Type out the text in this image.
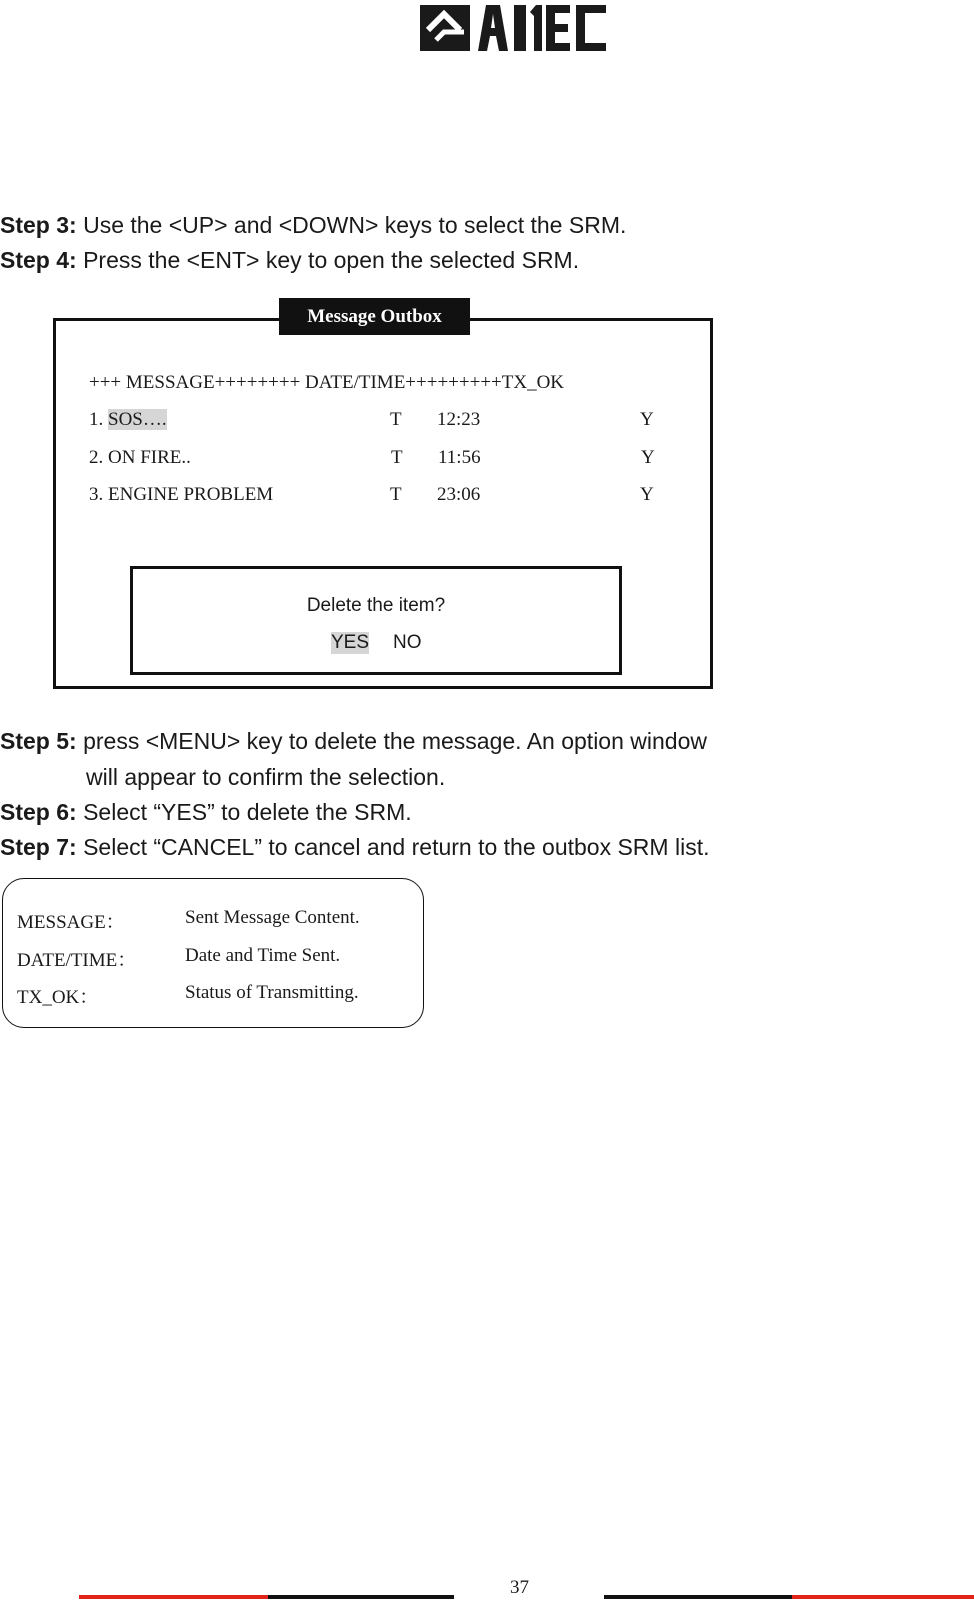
Step 3: Use the <UP> and <DOWN> keys to select the SRM.
Step 4: Press the <ENT> key to open the selected SRM.
Message Outbox
+++ MESSAGE++++++++ DATE/TIME+++++++++TX_OK
1. SOS….	T 12:23	Y
2. ON FIRE..	T 11:56	Y
3. ENGINE PROBLEM	T 23:06	Y
Delete the item?
YES NO
Step 5: press <MENU> key to delete the message. An option window
will appear to confirm the selection.
Step 6: Select “YES” to delete the SRM.
Step 7: Select “CANCEL” to cancel and return to the outbox SRM list.
MESSAGE：	Sent Message Content.
DATE/TIME：	Date and Time Sent.
TX_OK：	Status of Transmitting.
37
